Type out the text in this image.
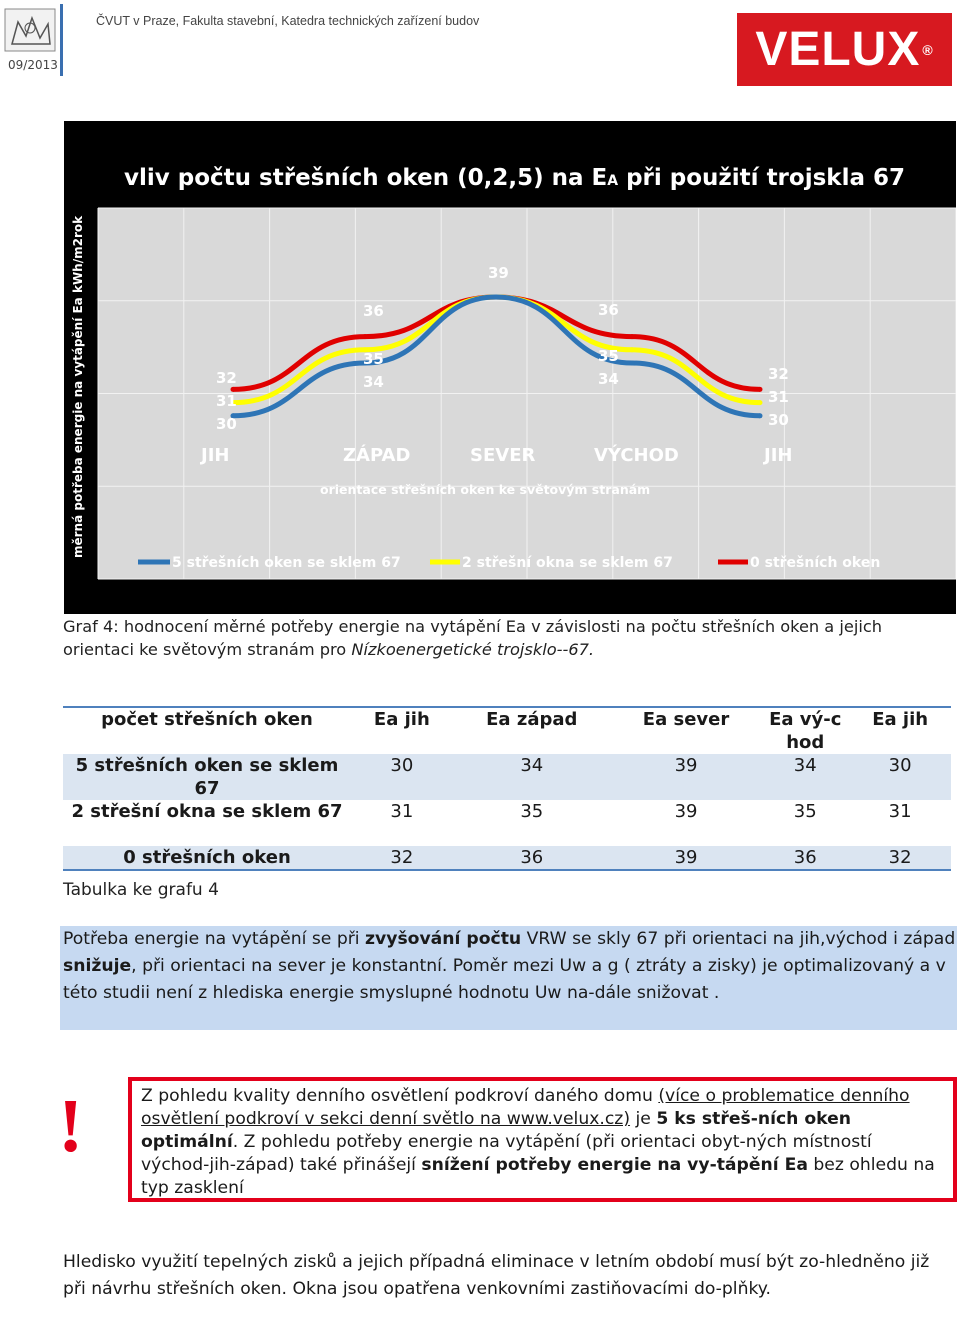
09/2013
ČVUT v Praze, Fakulta stavební, Katedra technických zařízení budov
VELUX ®
vliv počtu střešních oken (0,2,5) na EA při použití trojskla 67
měrná potřeba energie na vytápění Ea kWh/m2rok	32
31
30
36
35
34
39
36
35
34	32
31
30
JIH	ZÁPAD	SEVER	VÝCHOD	JIH
orientace střešních oken ke světovým stranám
5 střešních oken se sklem 67	2 střešní okna se sklem 67	0 střešních oken
Graf 4: hodnocení měrné potřeby energie na vytápění Ea v závislosti na počtu střešních oken a jejich orientaci ke světovým stranám pro Nízkoenergetické trojsklo--67.
počet střešních oken	Ea jih	Ea západ	Ea sever	Ea vý-chod	Ea jih
5 střešních oken se sklem 67	30	34	39	34	30
2 střešní okna se sklem 67	31	35	39	35	31
0 střešních oken	32	36	39	36	32
Tabulka ke grafu 4
Potřeba energie na vytápění se při zvyšování počtu VRW se skly 67 při orientaci na jih,východ i západ snižuje, při orientaci na sever je konstantní. Poměr mezi Uw a g ( ztráty a zisky) je optimalizovaný a v této studii není z hlediska energie smyslupné hodnotu Uw na-dále snižovat .
!	Z pohledu kvality denního osvětlení podkroví daného domu (více o problematice denního osvětlení podkroví v sekci denní světlo na www.velux.cz) je 5 ks střeš-ních oken optimální. Z pohledu potřeby energie na vytápění (při orientaci obyt-ných místností východ-jih-západ) také přinášejí snížení potřeby energie na vy-tápění Ea bez ohledu na typ zasklení
Hledisko využití tepelných zisků a jejich případná eliminace v letním období musí být zo-hledněno již při návrhu střešních oken. Okna jsou opatřena venkovními zastiňovacími do-plňky.
